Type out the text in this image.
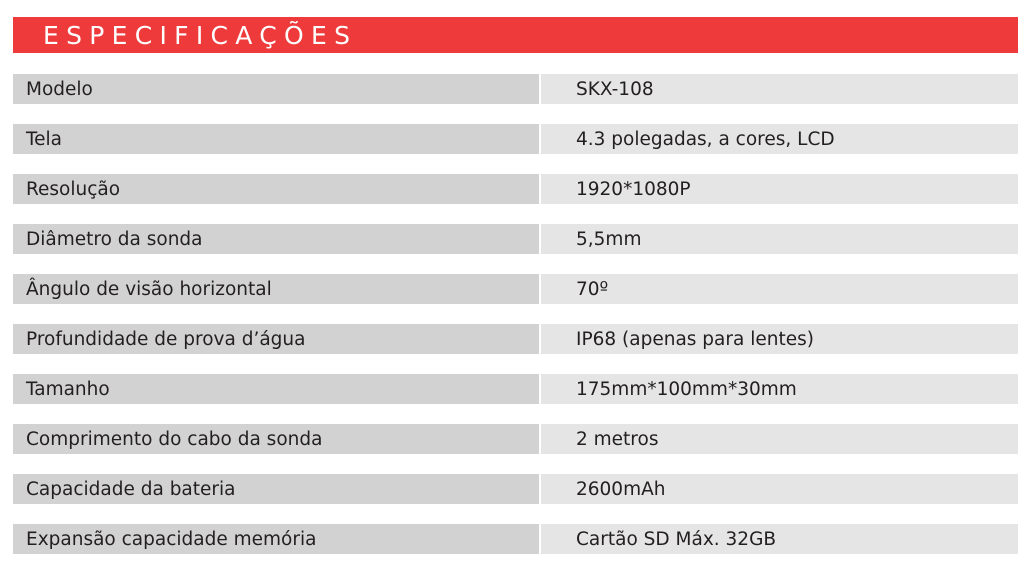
ESPECIFICAÇÕES
Modelo	SKX-108
Tela	4.3 polegadas, a cores, LCD
Resolução	1920*1080P
Diâmetro da sonda	5,5mm
Ângulo de visão horizontal	70º
Profundidade de prova d’água	IP68 (apenas para lentes)
Tamanho	175mm*100mm*30mm
Comprimento do cabo da sonda	2 metros
Capacidade da bateria	2600mAh
Expansão capacidade memória	Cartão SD Máx. 32GB
